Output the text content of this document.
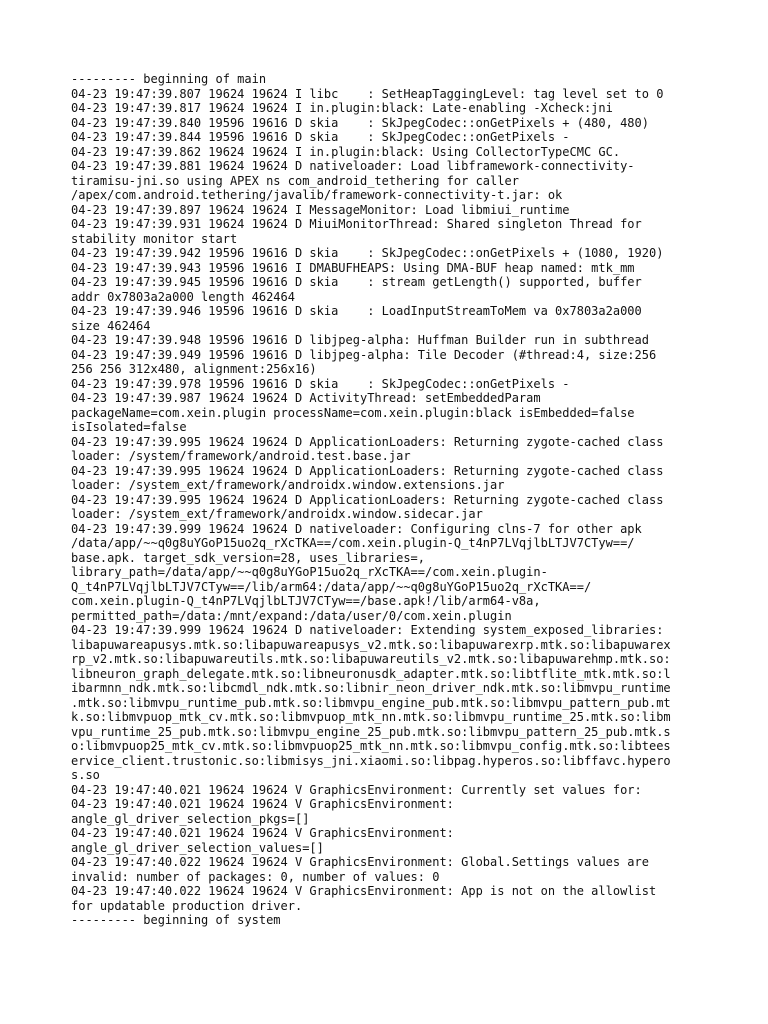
--------- beginning of main
04-23 19:47:39.807 19624 19624 I libc    : SetHeapTaggingLevel: tag level set to 0
04-23 19:47:39.817 19624 19624 I in.plugin:black: Late-enabling -Xcheck:jni
04-23 19:47:39.840 19596 19616 D skia    : SkJpegCodec::onGetPixels + (480, 480)
04-23 19:47:39.844 19596 19616 D skia    : SkJpegCodec::onGetPixels -
04-23 19:47:39.862 19624 19624 I in.plugin:black: Using CollectorTypeCMC GC.
04-23 19:47:39.881 19624 19624 D nativeloader: Load libframework-connectivity-
tiramisu-jni.so using APEX ns com_android_tethering for caller
/apex/com.android.tethering/javalib/framework-connectivity-t.jar: ok
04-23 19:47:39.897 19624 19624 I MessageMonitor: Load libmiui_runtime
04-23 19:47:39.931 19624 19624 D MiuiMonitorThread: Shared singleton Thread for
stability monitor start
04-23 19:47:39.942 19596 19616 D skia    : SkJpegCodec::onGetPixels + (1080, 1920)
04-23 19:47:39.943 19596 19616 I DMABUFHEAPS: Using DMA-BUF heap named: mtk_mm
04-23 19:47:39.945 19596 19616 D skia    : stream getLength() supported, buffer
addr 0x7803a2a000 length 462464
04-23 19:47:39.946 19596 19616 D skia    : LoadInputStreamToMem va 0x7803a2a000
size 462464
04-23 19:47:39.948 19596 19616 D libjpeg-alpha: Huffman Builder run in subthread
04-23 19:47:39.949 19596 19616 D libjpeg-alpha: Tile Decoder (#thread:4, size:256
256 256 312x480, alignment:256x16)
04-23 19:47:39.978 19596 19616 D skia    : SkJpegCodec::onGetPixels -
04-23 19:47:39.987 19624 19624 D ActivityThread: setEmbeddedParam
packageName=com.xein.plugin processName=com.xein.plugin:black isEmbedded=false
isIsolated=false
04-23 19:47:39.995 19624 19624 D ApplicationLoaders: Returning zygote-cached class
loader: /system/framework/android.test.base.jar
04-23 19:47:39.995 19624 19624 D ApplicationLoaders: Returning zygote-cached class
loader: /system_ext/framework/androidx.window.extensions.jar
04-23 19:47:39.995 19624 19624 D ApplicationLoaders: Returning zygote-cached class
loader: /system_ext/framework/androidx.window.sidecar.jar
04-23 19:47:39.999 19624 19624 D nativeloader: Configuring clns-7 for other apk
/data/app/~~q0g8uYGoP15uo2q_rXcTKA==/com.xein.plugin-Q_t4nP7LVqjlbLTJV7CTyw==/
base.apk. target_sdk_version=28, uses_libraries=,
library_path=/data/app/~~q0g8uYGoP15uo2q_rXcTKA==/com.xein.plugin-
Q_t4nP7LVqjlbLTJV7CTyw==/lib/arm64:/data/app/~~q0g8uYGoP15uo2q_rXcTKA==/
com.xein.plugin-Q_t4nP7LVqjlbLTJV7CTyw==/base.apk!/lib/arm64-v8a,
permitted_path=/data:/mnt/expand:/data/user/0/com.xein.plugin
04-23 19:47:39.999 19624 19624 D nativeloader: Extending system_exposed_libraries:
libapuwareapusys.mtk.so:libapuwareapusys_v2.mtk.so:libapuwarexrp.mtk.so:libapuwarex
rp_v2.mtk.so:libapuwareutils.mtk.so:libapuwareutils_v2.mtk.so:libapuwarehmp.mtk.so:
libneuron_graph_delegate.mtk.so:libneuronusdk_adapter.mtk.so:libtflite_mtk.mtk.so:l
ibarmnn_ndk.mtk.so:libcmdl_ndk.mtk.so:libnir_neon_driver_ndk.mtk.so:libmvpu_runtime
.mtk.so:libmvpu_runtime_pub.mtk.so:libmvpu_engine_pub.mtk.so:libmvpu_pattern_pub.mt
k.so:libmvpuop_mtk_cv.mtk.so:libmvpuop_mtk_nn.mtk.so:libmvpu_runtime_25.mtk.so:libm
vpu_runtime_25_pub.mtk.so:libmvpu_engine_25_pub.mtk.so:libmvpu_pattern_25_pub.mtk.s
o:libmvpuop25_mtk_cv.mtk.so:libmvpuop25_mtk_nn.mtk.so:libmvpu_config.mtk.so:libtees
ervice_client.trustonic.so:libmisys_jni.xiaomi.so:libpag.hyperos.so:libffavc.hypero
s.so
04-23 19:47:40.021 19624 19624 V GraphicsEnvironment: Currently set values for:
04-23 19:47:40.021 19624 19624 V GraphicsEnvironment:
angle_gl_driver_selection_pkgs=[]
04-23 19:47:40.021 19624 19624 V GraphicsEnvironment:
angle_gl_driver_selection_values=[]
04-23 19:47:40.022 19624 19624 V GraphicsEnvironment: Global.Settings values are
invalid: number of packages: 0, number of values: 0
04-23 19:47:40.022 19624 19624 V GraphicsEnvironment: App is not on the allowlist
for updatable production driver.
--------- beginning of system
